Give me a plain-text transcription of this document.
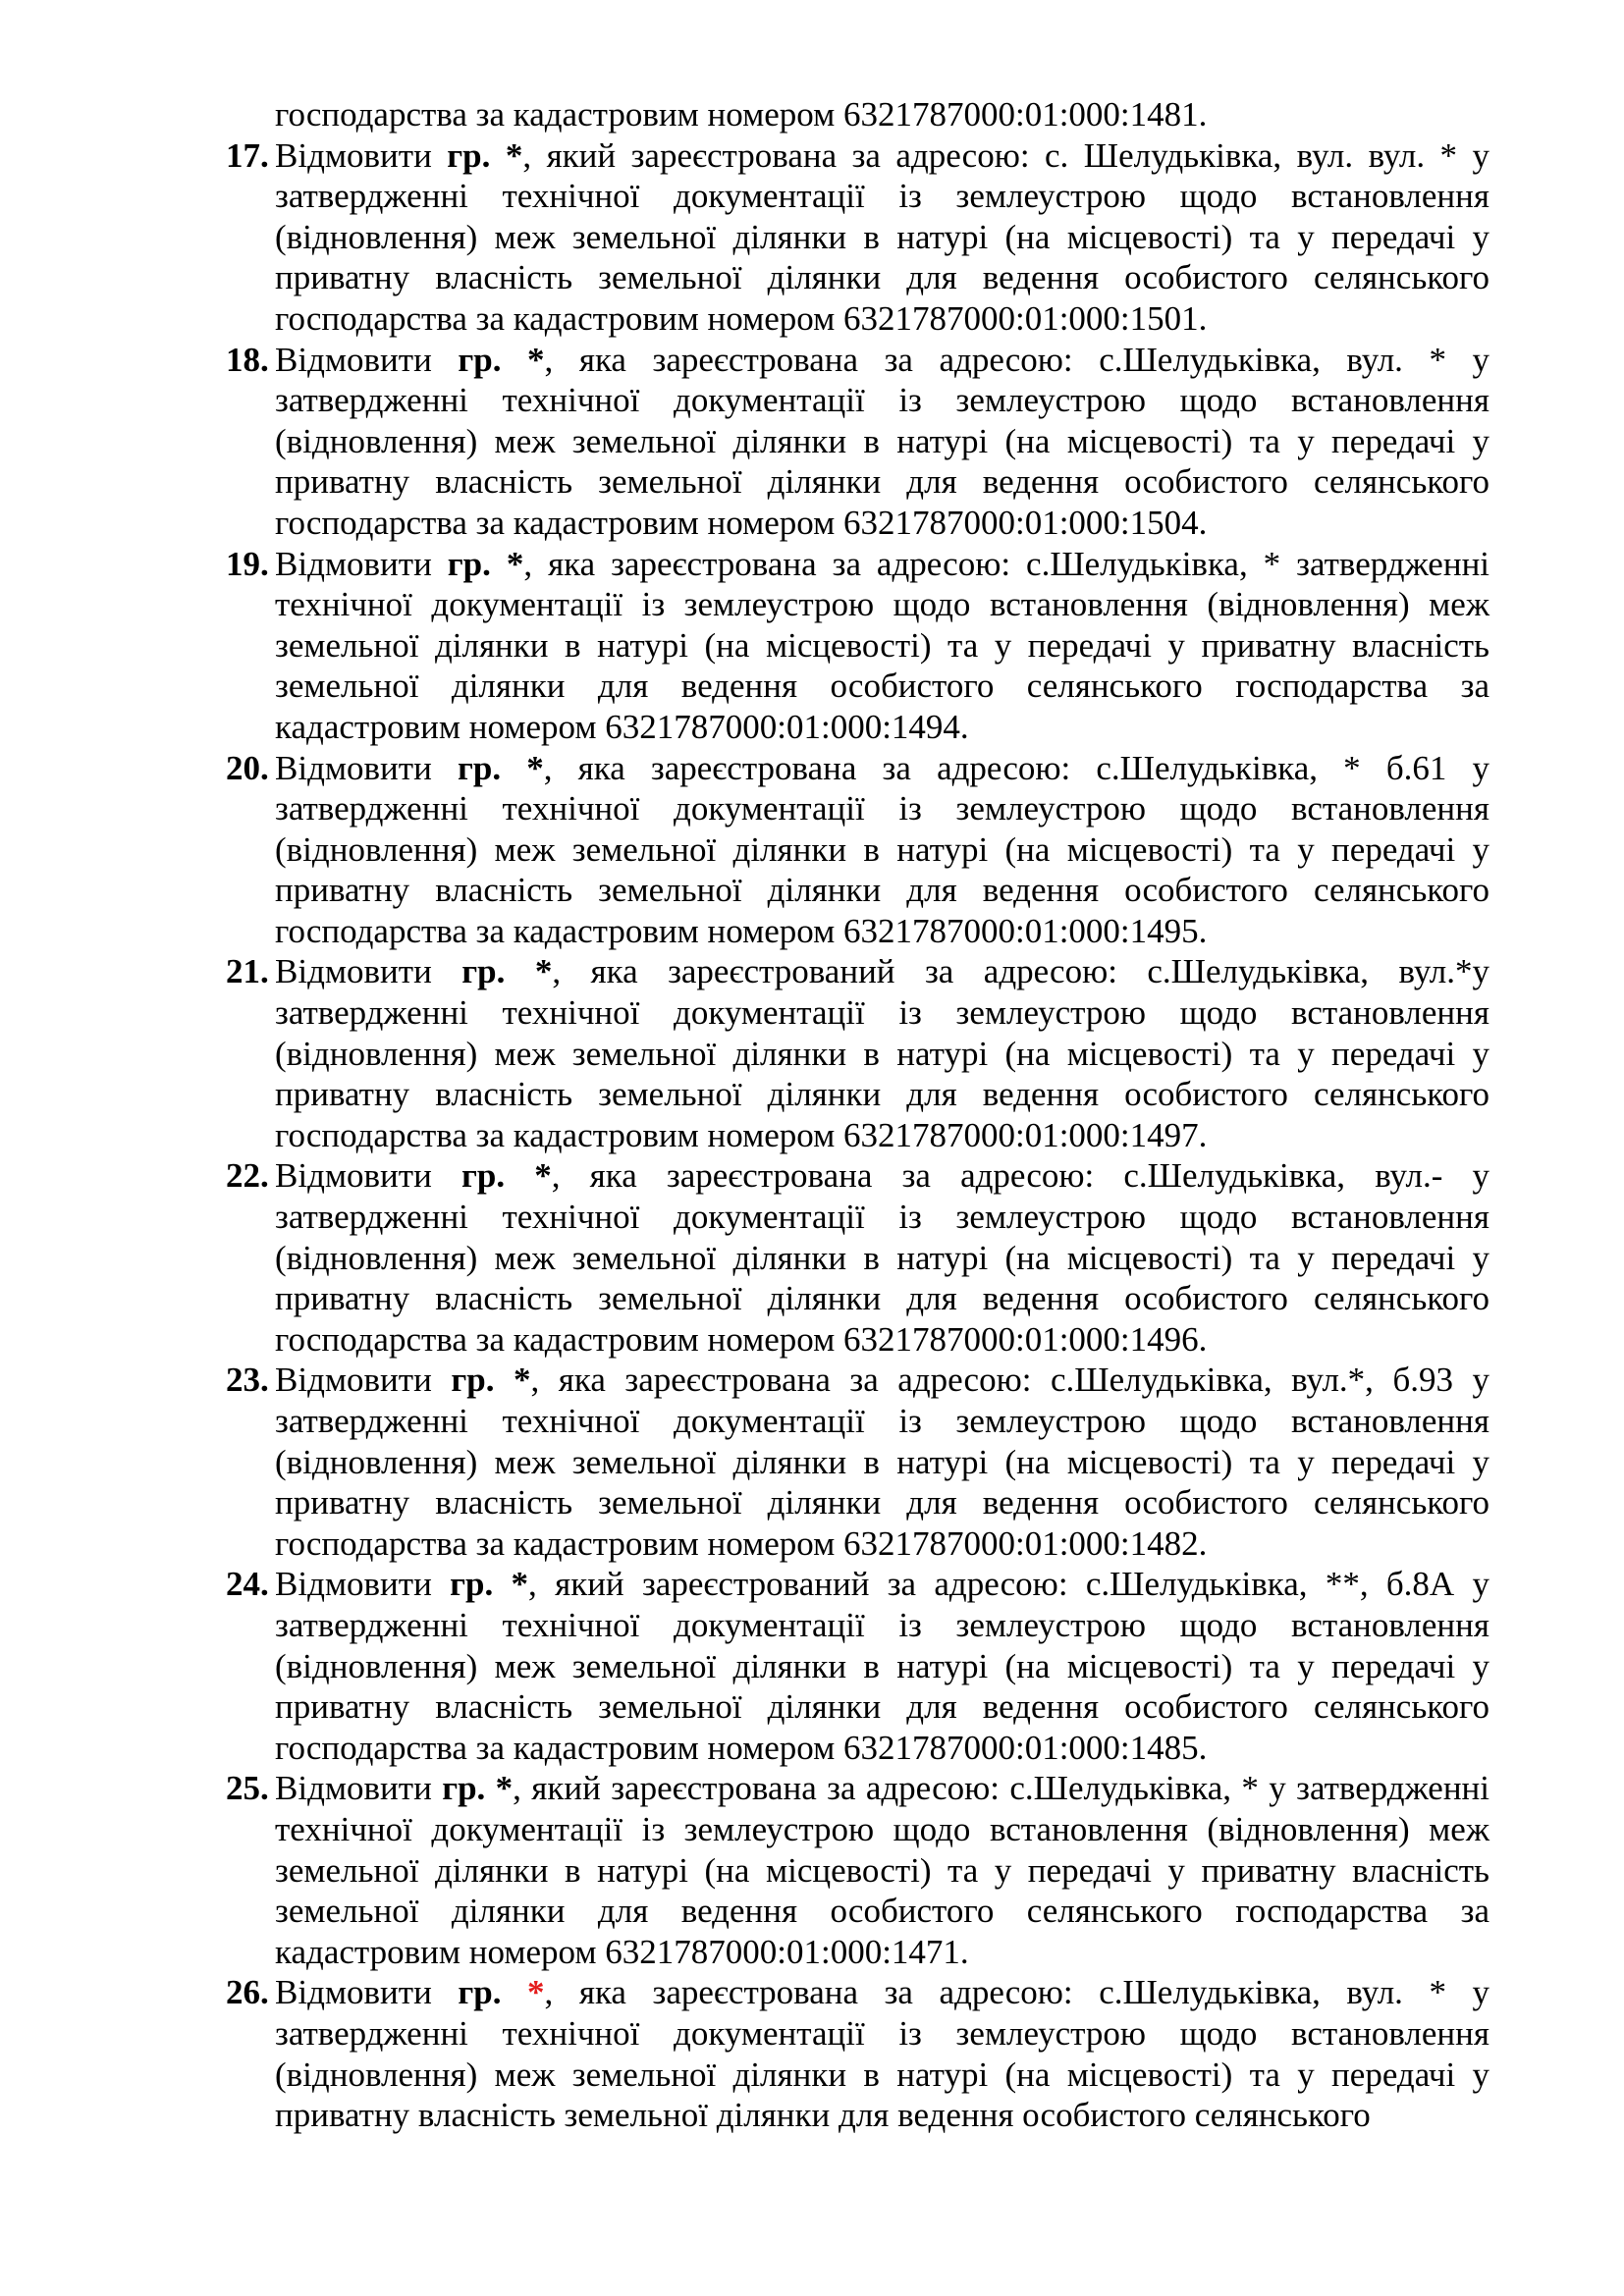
господарства за кадастровим номером 6321787000:01:000:1481.

17. Відмовити гр. *, який зареєстрована за адресою: с. Шелудьківка, вул. вул. * у затвердженні технічної документації із землеустрою щодо встановлення (відновлення) меж земельної ділянки в натурі (на місцевості) та у передачі у приватну власність земельної ділянки для ведення особистого селянського господарства за кадастровим номером 6321787000:01:000:1501.
18. Відмовити гр. *, яка зареєстрована за адресою: с.Шелудьківка, вул. * у затвердженні технічної документації із землеустрою щодо встановлення (відновлення) меж земельної ділянки в натурі (на місцевості) та у передачі у приватну власність земельної ділянки для ведення особистого селянського господарства за кадастровим номером 6321787000:01:000:1504.
19. Відмовити гр. *, яка зареєстрована за адресою: с.Шелудьківка, * затвердженні технічної документації із землеустрою щодо встановлення (відновлення) меж земельної ділянки в натурі (на місцевості) та у передачі у приватну власність земельної ділянки для ведення особистого селянського господарства за кадастровим номером 6321787000:01:000:1494.
20. Відмовити гр. *, яка зареєстрована за адресою: с.Шелудьківка, * б.61 у затвердженні технічної документації із землеустрою щодо встановлення (відновлення) меж земельної ділянки в натурі (на місцевості) та у передачі у приватну власність земельної ділянки для ведення особистого селянського господарства за кадастровим номером 6321787000:01:000:1495.
21. Відмовити гр. *, яка зареєстрований за адресою: с.Шелудьківка, вул.*у затвердженні технічної документації із землеустрою щодо встановлення (відновлення) меж земельної ділянки в натурі (на місцевості) та у передачі у приватну власність земельної ділянки для ведення особистого селянського господарства за кадастровим номером 6321787000:01:000:1497.
22. Відмовити гр. *, яка зареєстрована за адресою: с.Шелудьківка, вул.- у затвердженні технічної документації із землеустрою щодо встановлення (відновлення) меж земельної ділянки в натурі (на місцевості) та у передачі у приватну власність земельної ділянки для ведення особистого селянського господарства за кадастровим номером 6321787000:01:000:1496.
23. Відмовити гр. *, яка зареєстрована за адресою: с.Шелудьківка, вул.*, б.93 у затвердженні технічної документації із землеустрою щодо встановлення (відновлення) меж земельної ділянки в натурі (на місцевості) та у передачі у приватну власність земельної ділянки для ведення особистого селянського господарства за кадастровим номером 6321787000:01:000:1482.
24. Відмовити гр. *, який зареєстрований за адресою: с.Шелудьківка, **, б.8А у затвердженні технічної документації із землеустрою щодо встановлення (відновлення) меж земельної ділянки в натурі (на місцевості) та у передачі у приватну власність земельної ділянки для ведення особистого селянського господарства за кадастровим номером 6321787000:01:000:1485.
25. Відмовити гр. *, який зареєстрована за адресою: с.Шелудьківка, * у затвердженні технічної документації із землеустрою щодо встановлення (відновлення) меж земельної ділянки в натурі (на місцевості) та у передачі у приватну власність земельної ділянки для ведення особистого селянського господарства за кадастровим номером 6321787000:01:000:1471.
26. Відмовити гр. *, яка зареєстрована за адресою: с.Шелудьківка, вул. * у затвердженні технічної документації із землеустрою щодо встановлення (відновлення) меж земельної ділянки в натурі (на місцевості) та у передачі у приватну власність земельної ділянки для ведення особистого селянського
